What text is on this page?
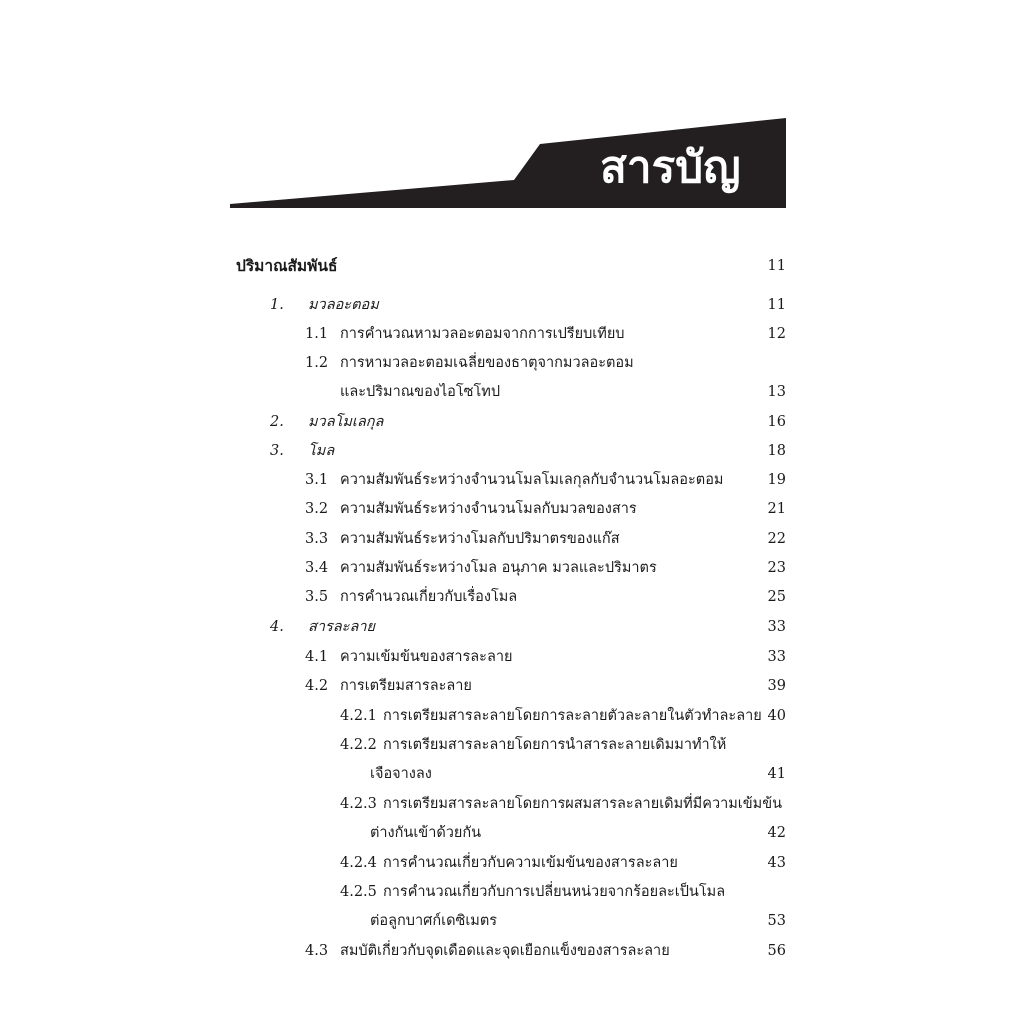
สารบัญ
ปริมาณสัมพันธ์	11
1. มวลอะตอม	11
1.1 การคำนวณหามวลอะตอมจากการเปรียบเทียบ	12
1.2 การหามวลอะตอมเฉลี่ยของธาตุจากมวลอะตอม
และปริมาณของไอโซโทป	13
2. มวลโมเลกุล	16
3. โมล	18
3.1 ความสัมพันธ์ระหว่างจำนวนโมลโมเลกุลกับจำนวนโมลอะตอม	19
3.2 ความสัมพันธ์ระหว่างจำนวนโมลกับมวลของสาร	21
3.3 ความสัมพันธ์ระหว่างโมลกับปริมาตรของแก๊ส	22
3.4 ความสัมพันธ์ระหว่างโมล อนุภาค มวลและปริมาตร	23
3.5 การคำนวณเกี่ยวกับเรื่องโมล	25
4. สารละลาย	33
4.1 ความเข้มข้นของสารละลาย	33
4.2 การเตรียมสารละลาย	39
4.2.1 การเตรียมสารละลายโดยการละลายตัวละลายในตัวทำละลาย 40
4.2.2 การเตรียมสารละลายโดยการนำสารละลายเดิมมาทำให้
เจือจางลง	41
4.2.3 การเตรียมสารละลายโดยการผสมสารละลายเดิมที่มีความเข้มข้น
ต่างกันเข้าด้วยกัน	42
4.2.4 การคำนวณเกี่ยวกับความเข้มข้นของสารละลาย	43
4.2.5 การคำนวณเกี่ยวกับการเปลี่ยนหน่วยจากร้อยละเป็นโมล
ต่อลูกบาศก์เดซิเมตร	53
4.3 สมบัติเกี่ยวกับจุดเดือดและจุดเยือกแข็งของสารละลาย	56
